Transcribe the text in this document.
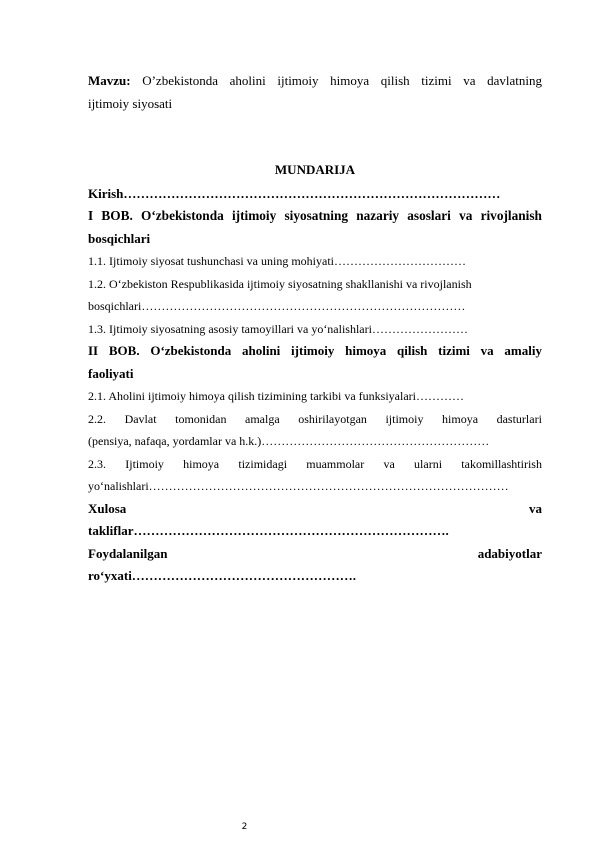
Mavzu: O’zbekistonda aholini ijtimoiy himoya qilish tizimi va davlatning
ijtimoiy siyosati
MUNDARIJA
Kirish……………………………………………………………………………
I BOB. O‘zbekistonda ijtimoiy siyosatning nazariy asoslari va rivojlanish
bosqichlari
1.1. Ijtimoiy siyosat tushunchasi va uning mohiyati……………………………
1.2. O‘zbekiston Respublikasida ijtimoiy siyosatning shakllanishi va rivojlanish
bosqichlari………………………………………………………………………
1.3. Ijtimoiy siyosatning asosiy tamoyillari va yo‘nalishlari……………………
II BOB. O‘zbekistonda aholini ijtimoiy himoya qilish tizimi va amaliy
faoliyati
2.1. Aholini ijtimoiy himoya qilish tizimining tarkibi va funksiyalari…………
2.2. Davlat tomonidan amalga oshirilayotgan ijtimoiy himoya dasturlari
(pensiya, nafaqa, yordamlar va h.k.)…………………………………………………
2.3. Ijtimoiy himoya tizimidagi muammolar va ularni takomillashtirish
yo‘nalishlari………………………………………………………………………………
Xulosa	va
takliflar……………………………………………………………….
Foydalanilgan	adabiyotlar
ro‘yxati…………………………………………….
2
